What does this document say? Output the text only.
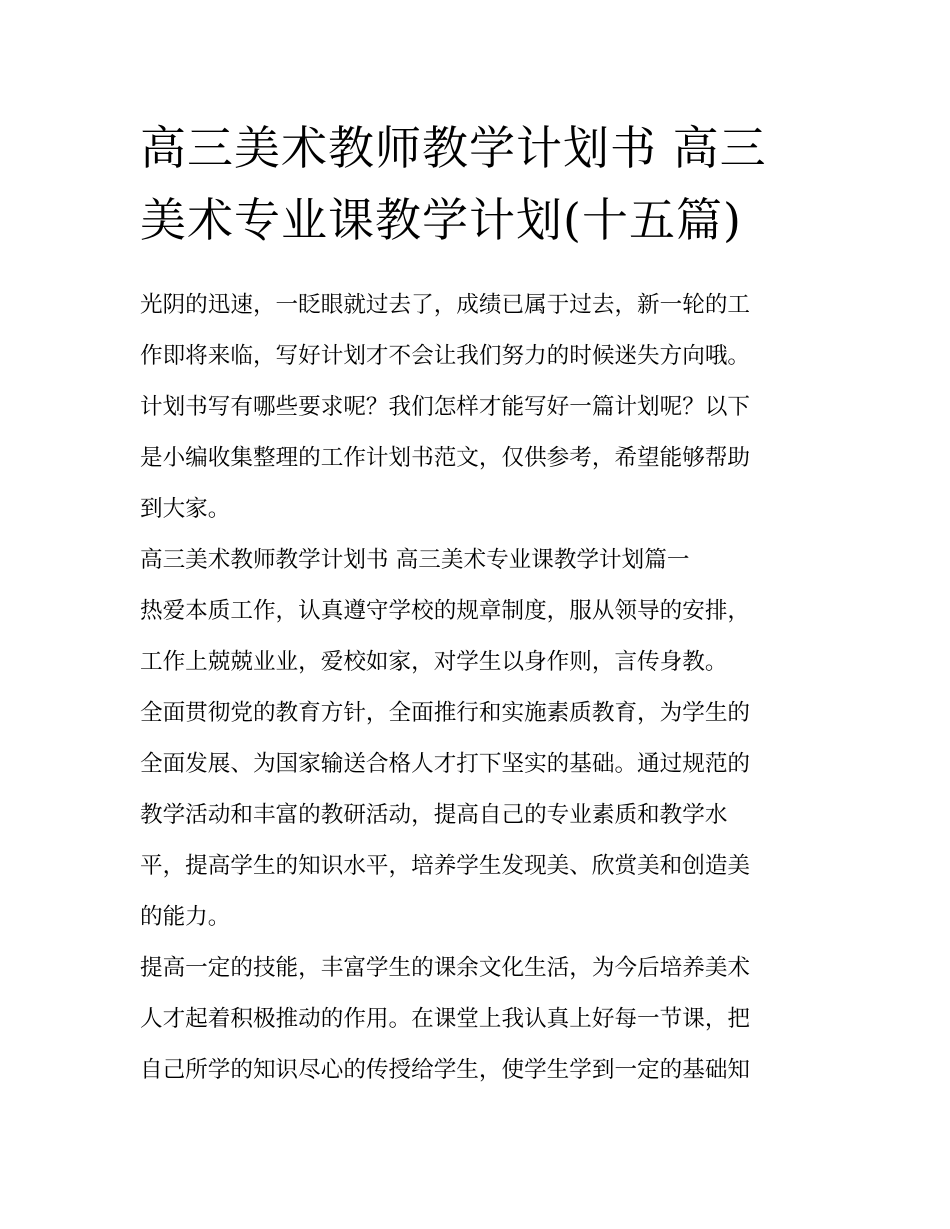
高三美术教师教学计划书 高三
美术专业课教学计划(十五篇)
光阴的迅速，一眨眼就过去了，成绩已属于过去，新一轮的工
作即将来临，写好计划才不会让我们努力的时候迷失方向哦。
计划书写有哪些要求呢？我们怎样才能写好一篇计划呢？以下
是小编收集整理的工作计划书范文，仅供参考，希望能够帮助
到大家。
高三美术教师教学计划书 高三美术专业课教学计划篇一
热爱本质工作，认真遵守学校的规章制度，服从领导的安排，
工作上兢兢业业，爱校如家，对学生以身作则，言传身教。
全面贯彻党的教育方针，全面推行和实施素质教育，为学生的
全面发展、为国家输送合格人才打下坚实的基础。通过规范的
教学活动和丰富的教研活动，提高自己的专业素质和教学水
平，提高学生的知识水平，培养学生发现美、欣赏美和创造美
的能力。
提高一定的技能，丰富学生的课余文化生活，为今后培养美术
人才起着积极推动的作用。在课堂上我认真上好每一节课，把
自己所学的知识尽心的传授给学生，使学生学到一定的基础知
